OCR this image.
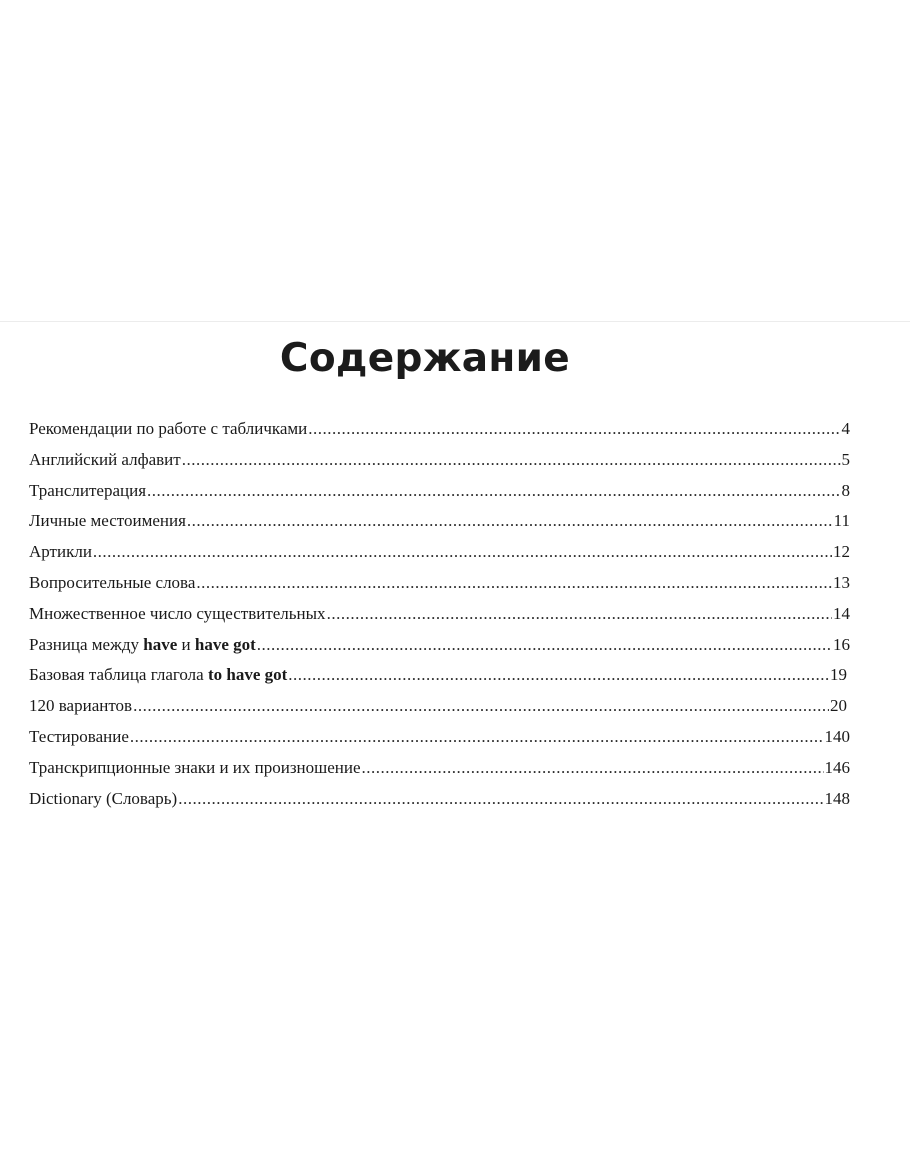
Содержание
Рекомендации по работе с табличками .....	4
Английский алфавит .....	5
Транслитерация .....	8
Личные местоимения .....	11
Артикли .....	12
Вопросительные слова .....	13
Множественное число существительных .....	14
Разница между have и have got .....	16
Базовая таблица глагола to have got .....	19
120 вариантов .....	20
Тестирование .....	140
Транскрипционные знаки и их произношение .....	146
Dictionary (Словарь) .....	148
